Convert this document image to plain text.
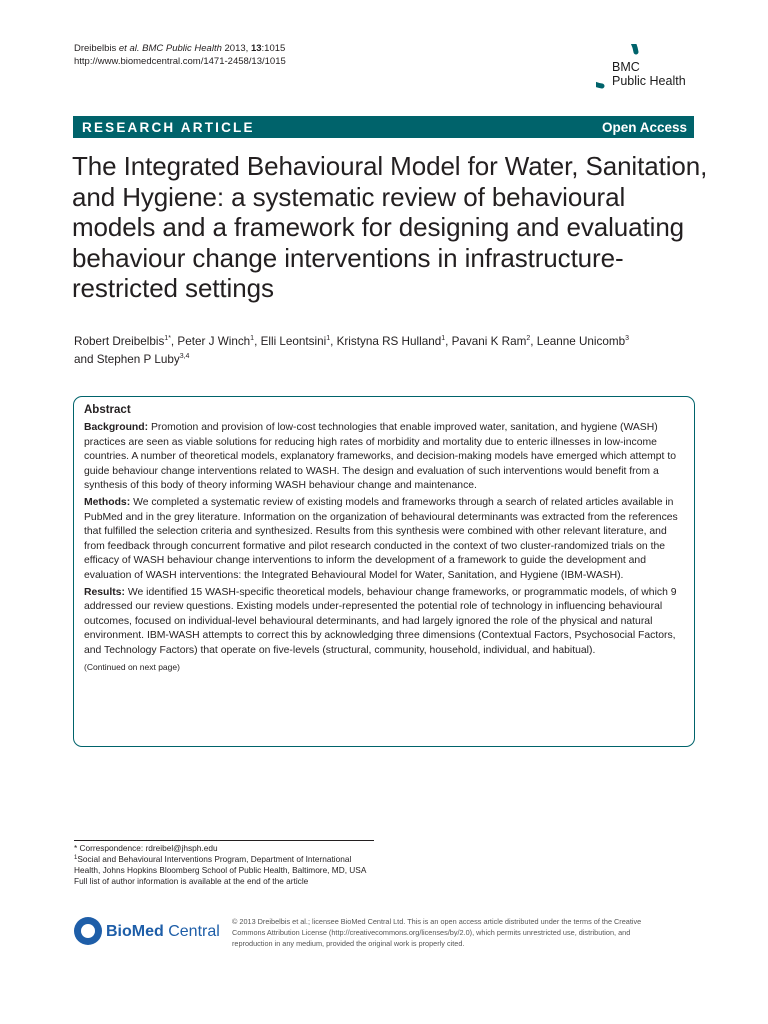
Dreibelbis et al. BMC Public Health 2013, 13:1015
http://www.biomedcentral.com/1471-2458/13/1015	BMC
Public Health
RESEARCH ARTICLE	Open Access
The Integrated Behavioural Model for Water, Sanitation, and Hygiene: a systematic review of behavioural models and a framework for designing and evaluating behaviour change interventions in infrastructure-restricted settings
Robert Dreibelbis$^{1*}$, Peter J Winch$^1$, Elli Leontsini$^1$, Kristyna RS Hulland$^1$, Pavani K Ram$^2$, Leanne Unicomb$^3$
and Stephen P Luby$^{3,4}$
Abstract

Background: Promotion and provision of low-cost technologies that enable improved water, sanitation, and hygiene (WASH) practices are seen as viable solutions for reducing high rates of morbidity and mortality due to enteric illnesses in low-income countries. A number of theoretical models, explanatory frameworks, and decision-making models have emerged which attempt to guide behaviour change interventions related to WASH. The design and evaluation of such interventions would benefit from a synthesis of this body of theory informing WASH behaviour change and maintenance.

Methods: We completed a systematic review of existing models and frameworks through a search of related articles available in PubMed and in the grey literature. Information on the organization of behavioural determinants was extracted from the references that fulfilled the selection criteria and synthesized. Results from this synthesis were combined with other relevant literature, and from feedback through concurrent formative and pilot research conducted in the context of two cluster-randomized trials on the efficacy of WASH behaviour change interventions to inform the development of a framework to guide the development and evaluation of WASH interventions: the Integrated Behavioural Model for Water, Sanitation, and Hygiene (IBM-WASH).

Results: We identified 15 WASH-specific theoretical models, behaviour change frameworks, or programmatic models, of which 9 addressed our review questions. Existing models under-represented the potential role of technology in influencing behavioural outcomes, focused on individual-level behavioural determinants, and had largely ignored the role of the physical and natural environment. IBM-WASH attempts to correct this by acknowledging three dimensions (Contextual Factors, Psychosocial Factors, and Technology Factors) that operate on five-levels (structural, community, household, individual, and habitual).

(Continued on next page)
* Correspondence: rdreibel@jhsph.edu
$^1$Social and Behavioural Interventions Program, Department of International Health, Johns Hopkins Bloomberg School of Public Health, Baltimore, MD, USA
Full list of author information is available at the end of the article
BioMed Central
© 2013 Dreibelbis et al.; licensee BioMed Central Ltd. This is an open access article distributed under the terms of the Creative Commons Attribution License (http://creativecommons.org/licenses/by/2.0), which permits unrestricted use, distribution, and reproduction in any medium, provided the original work is properly cited.
